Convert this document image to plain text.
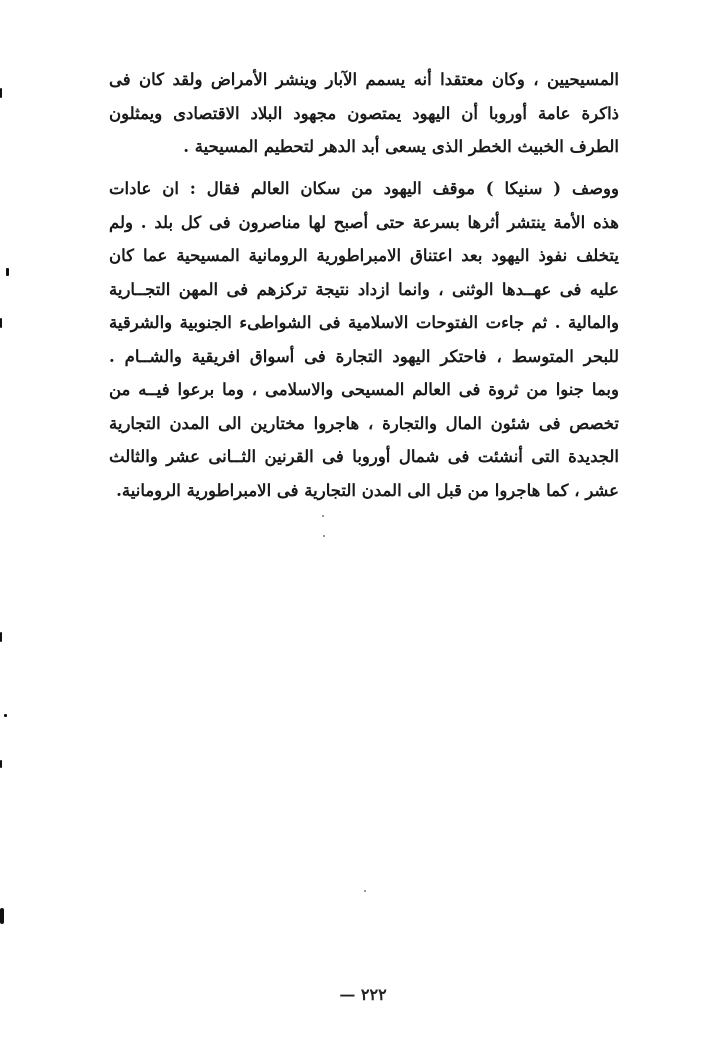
المسيحيين ، وكان معتقدا أنه يسمم الآبار وينشر الأمراض ولقد كان فى
ذاكرة عامة أوروبا أن اليهود يمتصون مجهود البلاد الاقتصادى ويمثلون
الطرف الخبيث الخطر الذى يسعى أبد الدهر لتحطيم المسيحية .
ووصف ( سنيكا ) موقف اليهود من سكان العالم فقال : ان عادات
هذه الأمة ينتشر أثرها بسرعة حتى أصبح لها مناصرون فى كل بلد . ولم
يتخلف نفوذ اليهود بعد اعتناق الامبراطورية الرومانية المسيحية عما كان
عليه فى عهــدها الوثنى ، وانما ازداد نتيجة تركزهم فى المهن التجــارية
والمالية . ثم جاءت الفتوحات الاسلامية فى الشواطىء الجنوبية والشرقية
للبحر المتوسط ، فاحتكر اليهود التجارة فى أسواق افريقية والشــام .
وبما جنوا من ثروة فى العالم المسيحى والاسلامى ، وما برعوا فيــه من
تخصص فى شئون المال والتجارة ، هاجروا مختارين الى المدن التجارية
الجديدة التى أنشئت فى شمال أوروبا فى القرنين الثــانى عشر والثالث
عشر ، كما هاجروا من قبل الى المدن التجارية فى الامبراطورية الرومانية.
٢٢٢ —
